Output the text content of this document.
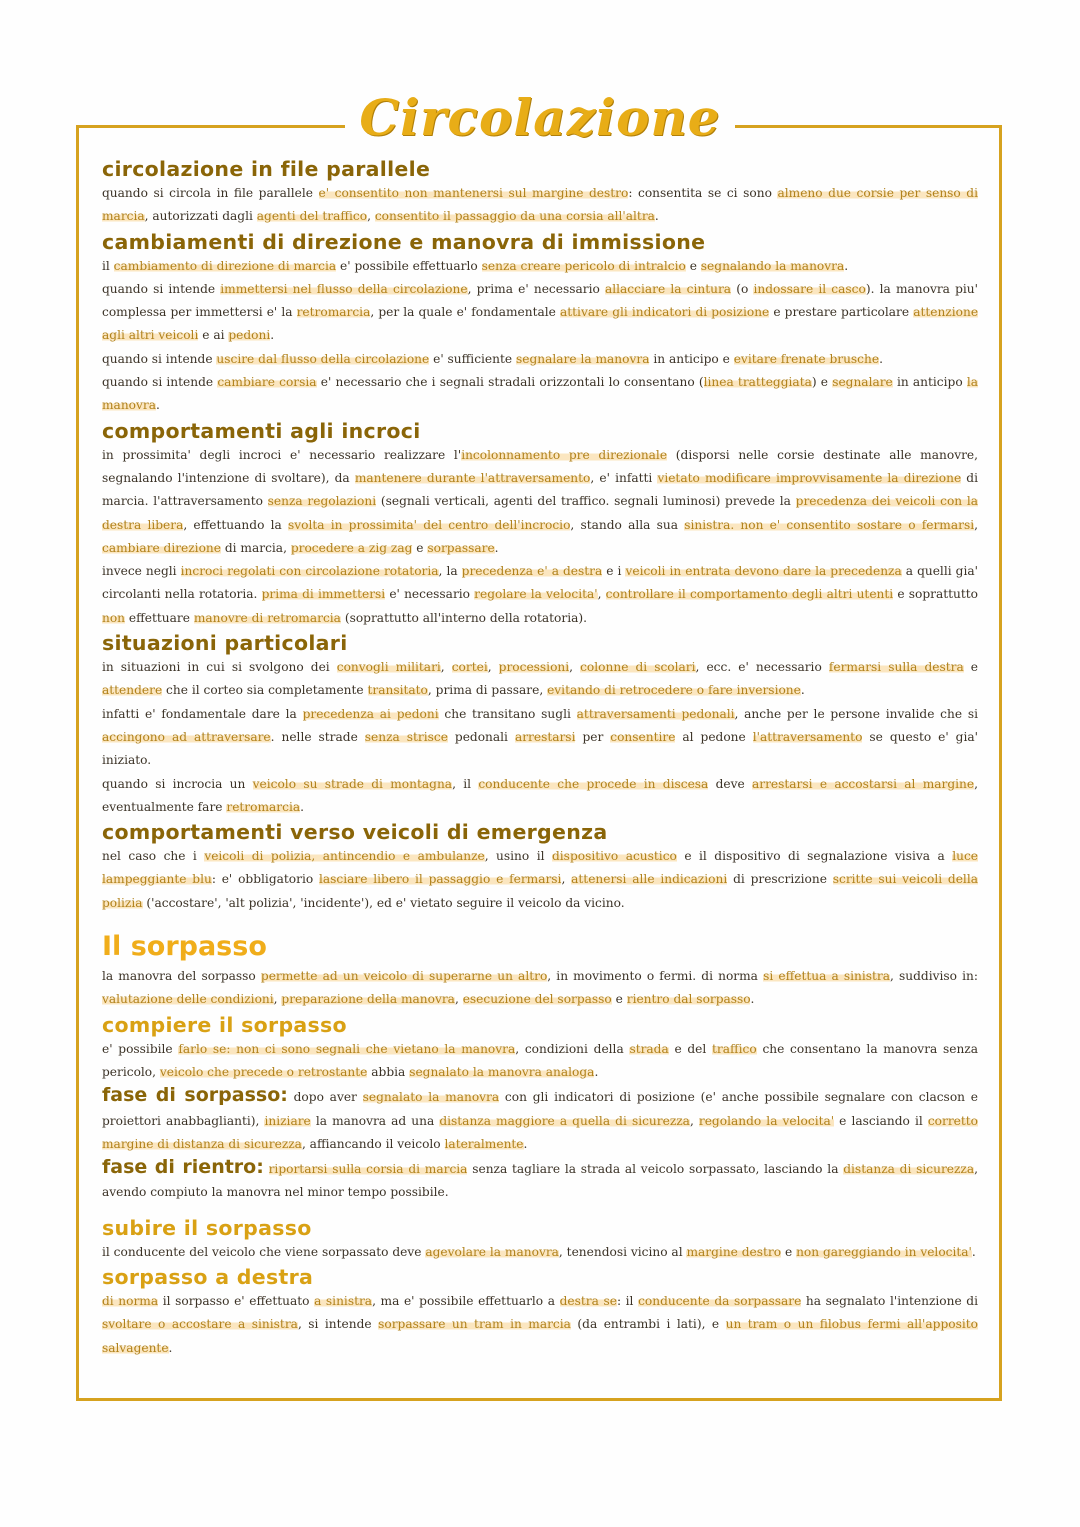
Circolazione
circolazione in file parallele

quando si circola in file parallele e' consentito non mantenersi sul margine destro: consentita se ci sono almeno due corsie per senso di marcia, autorizzati dagli agenti del traffico, consentito il passaggio da una corsia all'altra.

cambiamenti di direzione e manovra di immissione

il cambiamento di direzione di marcia e' possibile effettuarlo senza creare pericolo di intralcio e segnalando la manovra.

quando si intende immettersi nel flusso della circolazione, prima e' necessario allacciare la cintura (o indossare il casco). la manovra piu' complessa per immettersi e' la retromarcia, per la quale e' fondamentale attivare gli indicatori di posizione e prestare particolare attenzione agli altri veicoli e ai pedoni.

quando si intende uscire dal flusso della circolazione e' sufficiente segnalare la manovra in anticipo e evitare frenate brusche.

quando si intende cambiare corsia e' necessario che i segnali stradali orizzontali lo consentano (linea tratteggiata) e segnalare in anticipo la manovra.

comportamenti agli incroci

in prossimita' degli incroci e' necessario realizzare l'incolonnamento pre direzionale (disporsi nelle corsie destinate alle manovre, segnalando l'intenzione di svoltare), da mantenere durante l'attraversamento, e' infatti vietato modificare improvvisamente la direzione di marcia. l'attraversamento senza regolazioni (segnali verticali, agenti del traffico. segnali luminosi) prevede la precedenza dei veicoli con la destra libera, effettuando la svolta in prossimita' del centro dell'incrocio, stando alla sua sinistra. non e' consentito sostare o fermarsi, cambiare direzione di marcia, procedere a zig zag e sorpassare.

invece negli incroci regolati con circolazione rotatoria, la precedenza e' a destra e i veicoli in entrata devono dare la precedenza a quelli gia' circolanti nella rotatoria. prima di immettersi e' necessario regolare la velocita', controllare il comportamento degli altri utenti e soprattutto non effettuare manovre di retromarcia (soprattutto all'interno della rotatoria).

situazioni particolari

in situazioni in cui si svolgono dei convogli militari, cortei, processioni, colonne di scolari, ecc. e' necessario fermarsi sulla destra e attendere che il corteo sia completamente transitato, prima di passare, evitando di retrocedere o fare inversione.

infatti e' fondamentale dare la precedenza ai pedoni che transitano sugli attraversamenti pedonali, anche per le persone invalide che si accingono ad attraversare. nelle strade senza strisce pedonali arrestarsi per consentire al pedone l'attraversamento se questo e' gia' iniziato.

quando si incrocia un veicolo su strade di montagna, il conducente che procede in discesa deve arrestarsi e accostarsi al margine, eventualmente fare retromarcia.

comportamenti verso veicoli di emergenza

nel caso che i veicoli di polizia, antincendio e ambulanze, usino il dispositivo acustico e il dispositivo di segnalazione visiva a luce lampeggiante blu: e' obbligatorio lasciare libero il passaggio e fermarsi, attenersi alle indicazioni di prescrizione scritte sui veicoli della polizia ('accostare', 'alt polizia', 'incidente'), ed e' vietato seguire il veicolo da vicino.

Il sorpasso

la manovra del sorpasso permette ad un veicolo di superarne un altro, in movimento o fermi. di norma si effettua a sinistra, suddiviso in: valutazione delle condizioni, preparazione della manovra, esecuzione del sorpasso e rientro dal sorpasso.

compiere il sorpasso

e' possibile farlo se: non ci sono segnali che vietano la manovra, condizioni della strada e del traffico che consentano la manovra senza pericolo, veicolo che precede o retrostante abbia segnalato la manovra analoga.

fase di sorpasso: dopo aver segnalato la manovra con gli indicatori di posizione (e' anche possibile segnalare con clacson e proiettori anabbaglianti), iniziare la manovra ad una distanza maggiore a quella di sicurezza, regolando la velocita' e lasciando il corretto margine di distanza di sicurezza, affiancando il veicolo lateralmente.

fase di rientro: riportarsi sulla corsia di marcia senza tagliare la strada al veicolo sorpassato, lasciando la distanza di sicurezza, avendo compiuto la manovra nel minor tempo possibile.

subire il sorpasso

il conducente del veicolo che viene sorpassato deve agevolare la manovra, tenendosi vicino al margine destro e non gareggiando in velocita'.

sorpasso a destra

di norma il sorpasso e' effettuato a sinistra, ma e' possibile effettuarlo a destra se: il conducente da sorpassare ha segnalato l'intenzione di svoltare o accostare a sinistra, si intende sorpassare un tram in marcia (da entrambi i lati), e un tram o un filobus fermi all'apposito salvagente.
